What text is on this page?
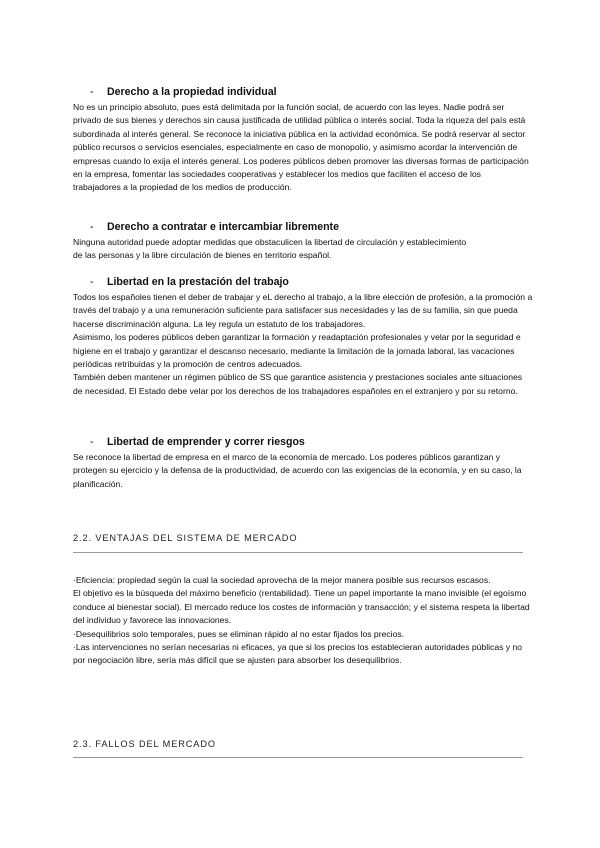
- Derecho a la propiedad individual

No es un principio absoluto, pues está delimitada por la función social, de acuerdo con las leyes. Nadie podrá ser privado de sus bienes y derechos sin causa justificada de utilidad pública o interés social. Toda la riqueza del país está subordinada al interés general. Se reconoce la iniciativa pública en la actividad económica. Se podrá reservar al sector público recursos o servicios esenciales, especialmente en caso de monopolio, y asimismo acordar la intervención de empresas cuando lo exija el interés general. Los poderes públicos deben promover las diversas formas de participación en la empresa, fomentar las sociedades cooperativas y establecer los medios que faciliten el acceso de los trabajadores a la propiedad de los medios de producción.

- Derecho a contratar e intercambiar libremente

Ninguna autoridad puede adoptar medidas que obstaculicen la libertad de circulación y establecimiento de las personas y la libre circulación de bienes en territorio español.

- Libertad en la prestación del trabajo

Todos los españoles tienen el deber de trabajar y eL derecho al trabajo, a la libre elección de profesión, a la promoción a través del trabajo y a una remuneración suficiente para satisfacer sus necesidades y las de su familia, sin que pueda hacerse discriminación alguna. La ley regula un estatuto de los trabajadores.

Asimismo, los poderes públicos deben garantizar la formación y readaptación profesionales y velar por la seguridad e higiene en el trabajo y garantizar el descanso necesario, mediante la limitación de la jornada laboral, las vacaciones periódicas retribuidas y la promoción de centros adecuados.

También deben mantener un régimen público de SS que garantice asistencia y prestaciones sociales ante situaciones de necesidad. El Estado debe velar por los derechos de los trabajadores españoles en el extranjero y por su retorno.

- Libertad de emprender y correr riesgos

Se reconoce la libertad de empresa en el marco de la economía de mercado. Los poderes públicos garantizan y protegen su ejercicio y la defensa de la productividad, de acuerdo con las exigencias de la economía, y en su caso, la planificación.

2.2. VENTAJAS DEL SISTEMA DE MERCADO

·Eficiencia: propiedad según la cual la sociedad aprovecha de la mejor manera posible sus recursos escasos.

El objetivo es la búsqueda del máximo beneficio (rentabilidad). Tiene un papel importante la mano invisible (el egoísmo conduce al bienestar social). El mercado reduce los costes de información y transacción; y el sistema respeta la libertad del individuo y favorece las innovaciones.

·Desequilibrios solo temporales, pues se eliminan rápido al no estar fijados los precios.

·Las intervenciones no serían necesarias ni eficaces, ya que si los precios los establecieran autoridades públicas y no por negociación libre, sería más difícil que se ajusten para absorber los desequilibrios.

2.3. FALLOS DEL MERCADO
